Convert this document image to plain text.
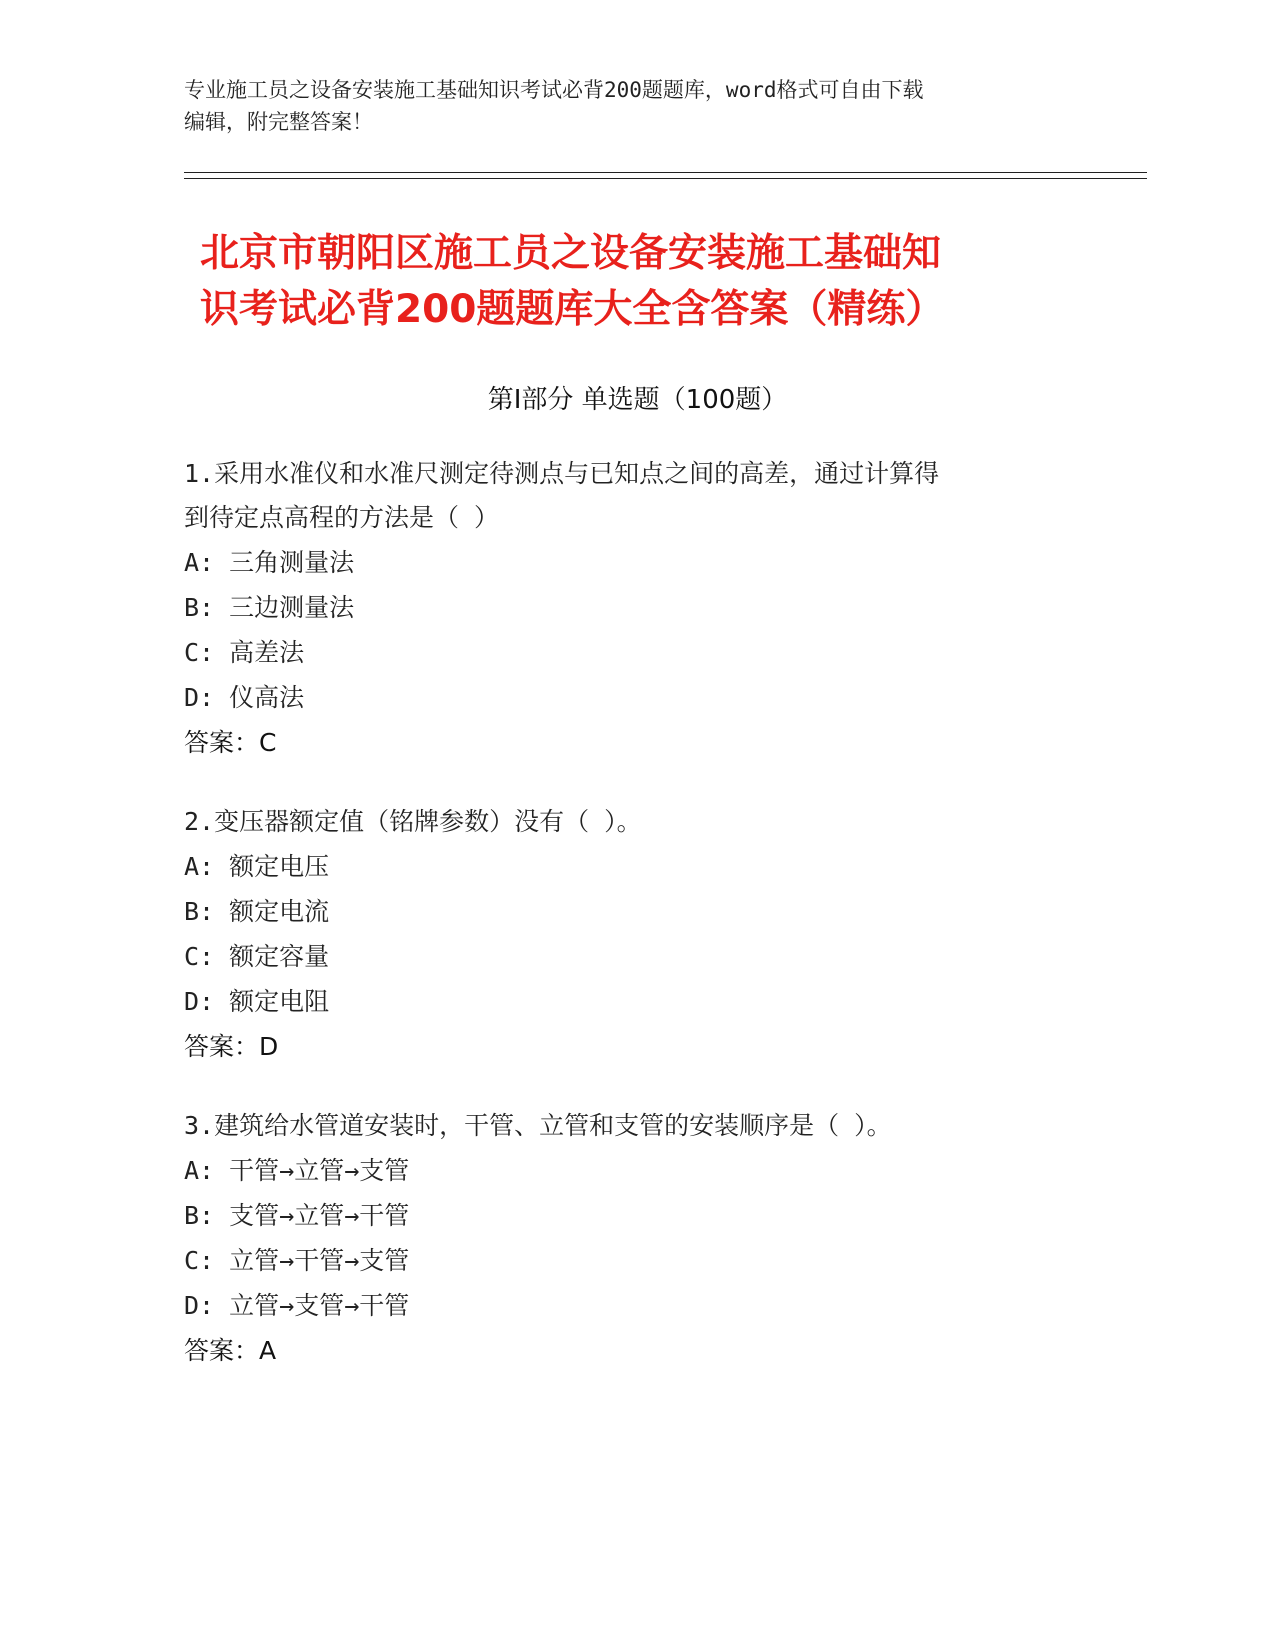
专业施工员之设备安装施工基础知识考试必背200题题库，word格式可自由下载
编辑，附完整答案！
北京市朝阳区施工员之设备安装施工基础知
识考试必背200题题库大全含答案（精练）
第Ⅰ部分 单选题（100题）
1.采用水准仪和水准尺测定待测点与已知点之间的高差，通过计算得
到待定点高程的方法是（ ）
A: 三角测量法
B: 三边测量法
C: 高差法
D: 仪高法
答案：C
2.变压器额定值（铭牌参数）没有（ ）。
A: 额定电压
B: 额定电流
C: 额定容量
D: 额定电阻
答案：D
3.建筑给水管道安装时，干管、立管和支管的安装顺序是（ ）。
A: 干管→立管→支管
B: 支管→立管→干管
C: 立管→干管→支管
D: 立管→支管→干管
答案：A
